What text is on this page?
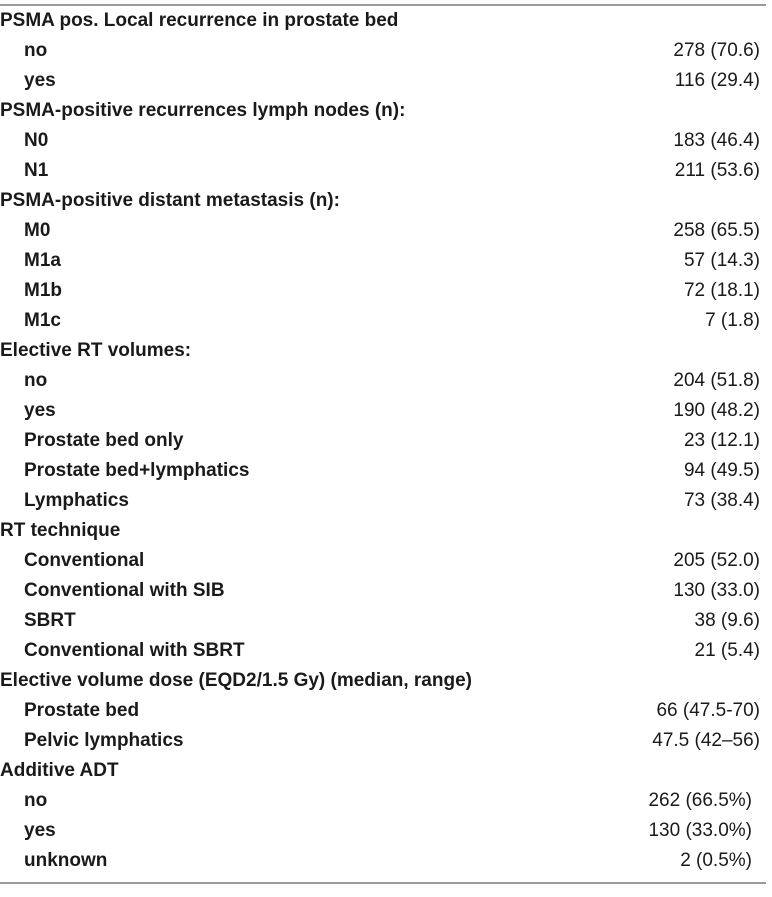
PSMA pos. Local recurrence in prostate bed
no	278 (70.6)
yes	116 (29.4)
PSMA-positive recurrences lymph nodes (n):
N0	183 (46.4)
N1	211 (53.6)
PSMA-positive distant metastasis (n):
M0	258 (65.5)
M1a	57 (14.3)
M1b	72 (18.1)
M1c	7 (1.8)
Elective RT volumes:
no	204 (51.8)
yes	190 (48.2)
Prostate bed only	23 (12.1)
Prostate bed+lymphatics	94 (49.5)
Lymphatics	73 (38.4)
RT technique
Conventional	205 (52.0)
Conventional with SIB	130 (33.0)
SBRT	38 (9.6)
Conventional with SBRT	21 (5.4)
Elective volume dose (EQD2/1.5 Gy) (median, range)
Prostate bed	66 (47.5-70)
Pelvic lymphatics	47.5 (42–56)
Additive ADT
no	262 (66.5%)
yes	130 (33.0%)
unknown	2 (0.5%)
